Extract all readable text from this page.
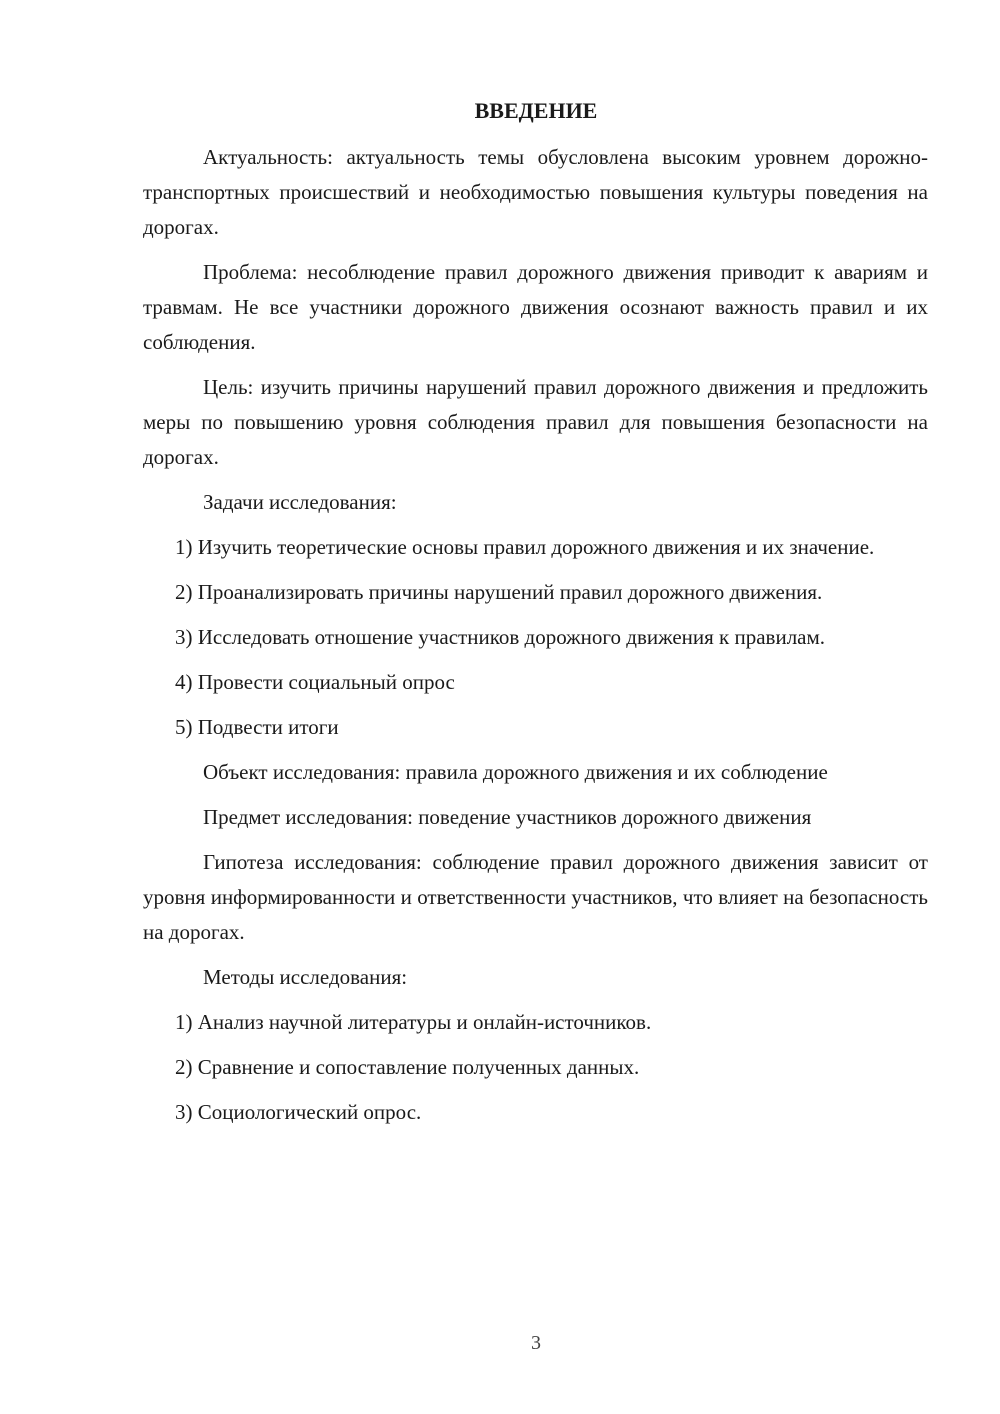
ВВЕДЕНИЕ

Актуальность: актуальность темы обусловлена высоким уровнем дорожно-транспортных происшествий и необходимостью повышения культуры поведения на дорогах.

Проблема: несоблюдение правил дорожного движения приводит к авариям и травмам. Не все участники дорожного движения осознают важность правил и их соблюдения.

Цель: изучить причины нарушений правил дорожного движения и предложить меры по повышению уровня соблюдения правил для повышения безопасности на дорогах.

Задачи исследования:

1) Изучить теоретические основы правил дорожного движения и их значение.

2) Проанализировать причины нарушений правил дорожного движения.

3) Исследовать отношение участников дорожного движения к правилам.

4) Провести социальный опрос

5) Подвести итоги

Объект исследования: правила дорожного движения и их соблюдение

Предмет исследования: поведение участников дорожного движения

Гипотеза исследования: соблюдение правил дорожного движения зависит от уровня информированности и ответственности участников, что влияет на безопасность на дорогах.

Методы исследования:

1) Анализ научной литературы и онлайн-источников.

2) Сравнение и сопоставление полученных данных.

3) Социологический опрос.

3
